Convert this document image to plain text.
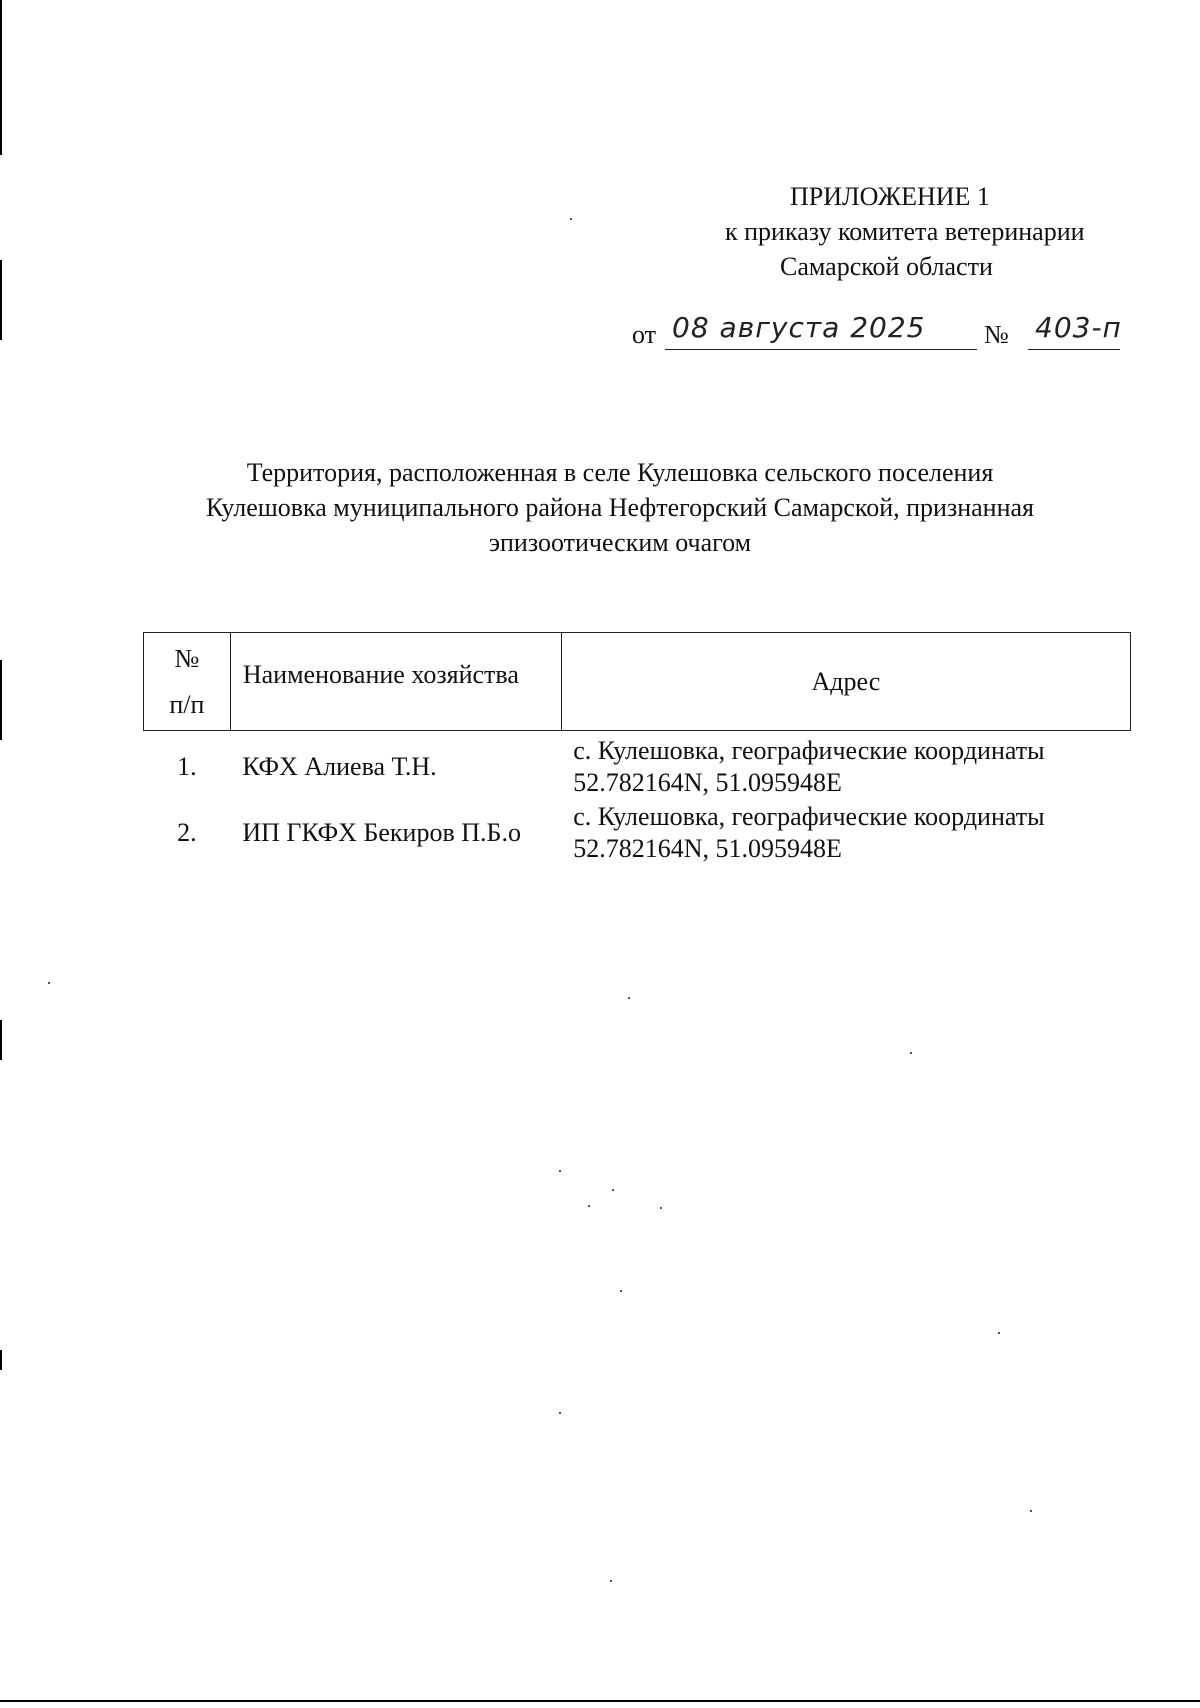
ПРИЛОЖЕНИЕ 1
к приказу комитета ветеринарии
Самарской области
от 08 августа 2025 № 403-п
Территория, расположенная в селе Кулешовка сельского поселения
Кулешовка муниципального района Нефтегорский Самарской, признанная
эпизоотическим очагом
№
п/п	Наименование хозяйства	Адрес
1.	КФХ Алиева Т.Н.	с. Кулешовка, географические координаты
52.782164N, 51.095948E

2.	ИП ГКФХ Бекиров П.Б.о	с. Кулешовка, географические координаты
52.782164N, 51.095948E
